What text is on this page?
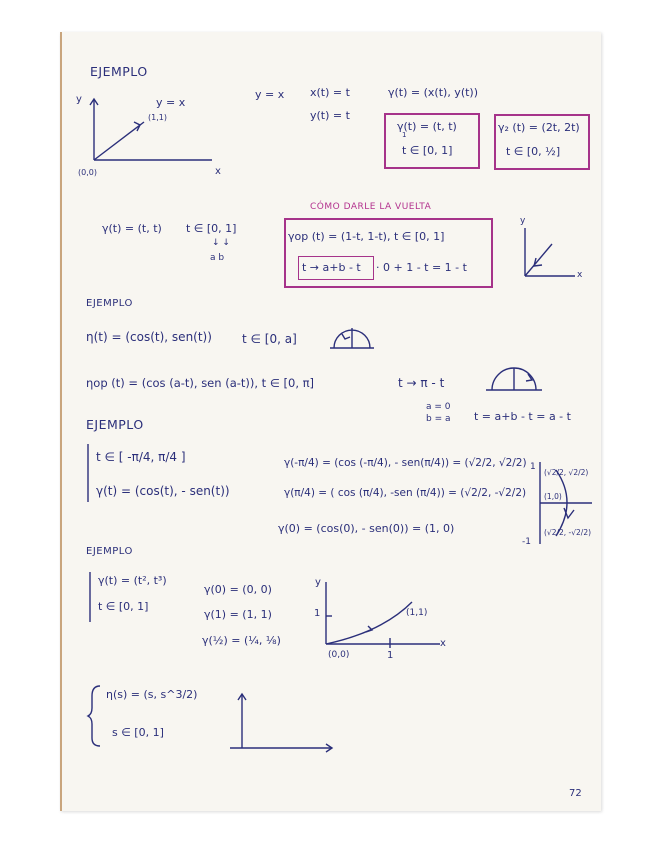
EJEMPLO
y
x
y = x
(1,1)
(0,0)
y = x x(t) = t
y(t) = t
γ(t) = (x(t), y(t))
γ(t) = (t, t)
1
t ∈ [0, 1]
γ₂ (t) = (2t, 2t)
t ∈ [0, ½]
CÓMO DARLE LA VUELTA
γ(t) = (t, t) t ∈ [0, 1]
↓ ↓
a b
γop (t) = (1-t, 1-t), t ∈ [0, 1]
t → a+b - t · 0 + 1 - t = 1 - t
y
x
EJEMPLO
η(t) = (cos(t), sen(t))	t ∈ [0, a]
ηop (t) = (cos (a-t), sen (a-t)), t ∈ [0, π]	t → π - t
a = 0
b = a t = a+b - t = a - t
EJEMPLO
t ∈ [ -π/4, π/4 ]
γ(t) = (cos(t), - sen(t))
γ(-π/4) = (cos (-π/4), - sen(π/4)) = (√2/2, √2/2)
γ(π/4) = ( cos (π/4), -sen (π/4)) = (√2/2, -√2/2)
γ(0) = (cos(0), - sen(0)) = (1, 0)
1
-1
(√2/2, √2/2)
(1,0)
(√2/2, -√2/2)
EJEMPLO
γ(t) = (t², t³)
t ∈ [0, 1]
γ(0) = (0, 0)
γ(1) = (1, 1)
γ(½) = (¼, ⅛)
y
x
1
1
(0,0)
(1,1)
η(s) = (s, s^3/2)
s ∈ [0, 1]
72
